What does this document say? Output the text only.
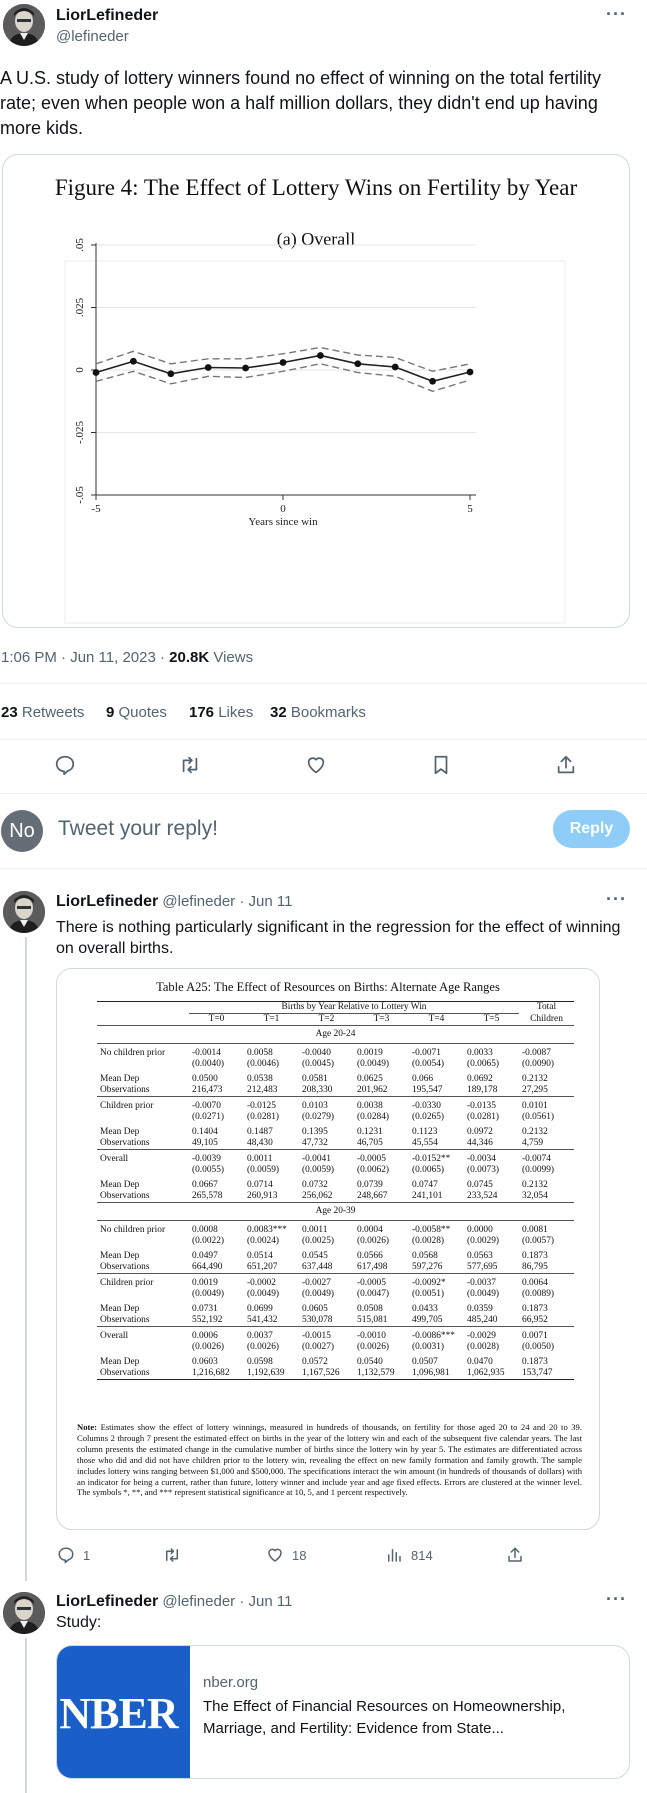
LiorLefineder
@lefineder
···
A U.S. study of lottery winners found no effect of winning on the total fertility rate; even when people won a half million dollars, they didn't end up having more kids.
Figure 4: The Effect of Lottery Wins on Fertility by Year
(a) Overall
.05
.025
0
-.025
-.05
-5	0	5
Years since win
1:06 PM · Jun 11, 2023 · 20.8K Views
23 Retweets 9 Quotes 176 Likes 32 Bookmarks
No	Tweet your reply!	Reply
LiorLefineder @lefineder · Jun 11	···
There is nothing particularly significant in the regression for the effect of winning on overall births.
Table A25: The Effect of Resources on Births: Alternate Age Ranges
	Births by Year Relative to Lottery Win						Total
	T=0	T=1	T=2	T=3	T=4	T=5	Children
Age 20-24							
No children prior	-0.0014	0.0058	-0.0040	0.0019	-0.0071	0.0033	-0.0087
	(0.0040)	(0.0046)	(0.0045)	(0.0049)	(0.0054)	(0.0065)	(0.0090)
Mean Dep	0.0500	0.0538	0.0581	0.0625	0.066	0.0692	0.2132
Observations	216,473	212,483	208,330	201,962	195,547	189,178	27,295
Children prior	-0.0070	-0.0125	0.0103	0.0038	-0.0330	-0.0135	0.0101
	(0.0271)	(0.0281)	(0.0279)	(0.0284)	(0.0265)	(0.0281)	(0.0561)
Mean Dep	0.1404	0.1487	0.1395	0.1231	0.1123	0.0972	0.2132
Observations	49,105	48,430	47,732	46,705	45,554	44,346	4,759
Overall	-0.0039	0.0011	-0.0041	-0.0005	-0.0152**	-0.0034	-0.0074
	(0.0055)	(0.0059)	(0.0059)	(0.0062)	(0.0065)	(0.0073)	(0.0099)
Mean Dep	0.0667	0.0714	0.0732	0.0739	0.0747	0.0745	0.2132
Observations	265,578	260,913	256,062	248,667	241,101	233,524	32,054
Age 20-39							
No children prior	0.0008	0.0083***	0.0011	0.0004	-0.0058**	0.0000	0.0081
	(0.0022)	(0.0024)	(0.0025)	(0.0026)	(0.0028)	(0.0029)	(0.0057)
Mean Dep	0.0497	0.0514	0.0545	0.0566	0.0568	0.0563	0.1873
Observations	664,490	651,207	637,448	617,498	597,276	577,695	86,795
Children prior	0.0019	-0.0002	-0.0027	-0.0005	-0.0092*	-0.0037	0.0064
	(0.0049)	(0.0049)	(0.0049)	(0.0047)	(0.0051)	(0.0049)	(0.0089)
Mean Dep	0.0731	0.0699	0.0605	0.0508	0.0433	0.0359	0.1873
Observations	552,192	541,432	530,078	515,081	499,705	485,240	66,952
Overall	0.0006	0.0037	-0.0015	-0.0010	-0.0086***	-0.0029	0.0071
	(0.0026)	(0.0026)	(0.0027)	(0.0026)	(0.0031)	(0.0028)	(0.0050)
Mean Dep	0.0603	0.0598	0.0572	0.0540	0.0507	0.0470	0.1873
Observations	1,216,682	1,192,639	1,167,526	1,132,579	1,096,981	1,062,935	153,747

Note: Estimates show the effect of lottery winnings, measured in hundreds of thousands, on fertility for those aged 20 to 24 and 20 to 39. Columns 2 through 7 present the estimated effect on births in the year of the lottery win and each of the subsequent five calendar years. The last column presents the estimated change in the cumulative number of births since the lottery win by year 5. The estimates are differentiated across those who did and did not have children prior to the lottery win, revealing the effect on new family formation and family growth. The sample includes lottery wins ranging between $1,000 and $500,000. The specifications interact the win amount (in hundreds of thousands of dollars) with an indicator for being a current, rather than future, lottery winner and include year and age fixed effects. Errors are clustered at the winner level. The symbols *, **, and *** represent statistical significance at 10, 5, and 1 percent respectively.
1	18	814
LiorLefineder @lefineder · Jun 11	···
Study:
NBER
nber.org
The Effect of Financial Resources on Homeownership, Marriage, and Fertility: Evidence from State...
